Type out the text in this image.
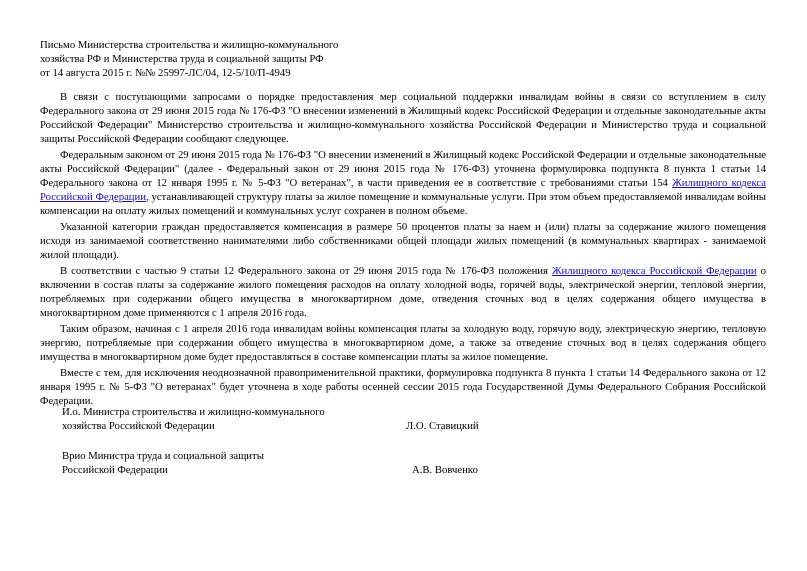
Письмо Министерства строительства и жилищно-коммунального
хозяйства РФ и Министерства труда и социальной защиты РФ
от 14 августа 2015 г. №№ 25997-ЛС/04, 12-5/10/П-4949

В связи с поступающими запросами о порядке предоставления мер социальной поддержки инвалидам войны в связи со вступлением в силу Федерального закона от 29 июня 2015 года № 176-ФЗ "О внесении изменений в Жилищный кодекс Российской Федерации и отдельные законодательные акты Российской Федерации" Министерство строительства и жилищно-коммунального хозяйства Российской Федерации и Министерство труда и социальной защиты Российской Федерации сообщают следующее.

Федеральным законом от 29 июня 2015 года № 176-ФЗ "О внесении изменений в Жилищный кодекс Российской Федерации и отдельные законодательные акты Российской Федерации" (далее - Федеральный закон от 29 июня 2015 года № 176-ФЗ) уточнена формулировка подпункта 8 пункта 1 статьи 14 Федерального закона от 12 января 1995 г. № 5-ФЗ "О ветеранах", в части приведения ее в соответствие с требованиями статьи 154 Жилищного кодекса Российской Федерации, устанавливающей структуру платы за жилое помещение и коммунальные услуги. При этом объем предоставляемой инвалидам войны компенсации на оплату жилых помещений и коммунальных услуг сохранен в полном объеме.

Указанной категории граждан предоставляется компенсация в размере 50 процентов платы за наем и (или) платы за содержание жилого помещения исходя из занимаемой соответственно нанимателями либо собственниками общей площади жилых помещений (в коммунальных квартирах - занимаемой жилой площади).

В соответствии с частью 9 статьи 12 Федерального закона от 29 июня 2015 года № 176-ФЗ положения Жилищного кодекса Российской Федерации о включении в состав платы за содержание жилого помещения расходов на оплату холодной воды, горячей воды, электрической энергии, тепловой энергии, потребляемых при содержании общего имущества в многоквартирном доме, отведения сточных вод в целях содержания общего имущества в многоквартирном доме применяются с 1 апреля 2016 года.

Таким образом, начиная с 1 апреля 2016 года инвалидам войны компенсация платы за холодную воду, горячую воду, электрическую энергию, тепловую энергию, потребляемые при содержании общего имущества в многоквартирном доме, а также за отведение сточных вод в целях содержания общего имущества в многоквартирном доме будет предоставляться в составе компенсации платы за жилое помещение.

Вместе с тем, для исключения неоднозначной правоприменительной практики, формулировка подпункта 8 пункта 1 статьи 14 Федерального закона от 12 января 1995 г. № 5-ФЗ "О ветеранах" будет уточнена в ходе работы осенней сессии 2015 года Государственной Думы Федерального Собрания Российской Федерации.

И.о. Министра строительства и жилищно-коммунального
хозяйства Российской Федерации	Л.О. Ставицкий
Врио Министра труда и социальной защиты
Российской Федерации	А.В. Вовченко
